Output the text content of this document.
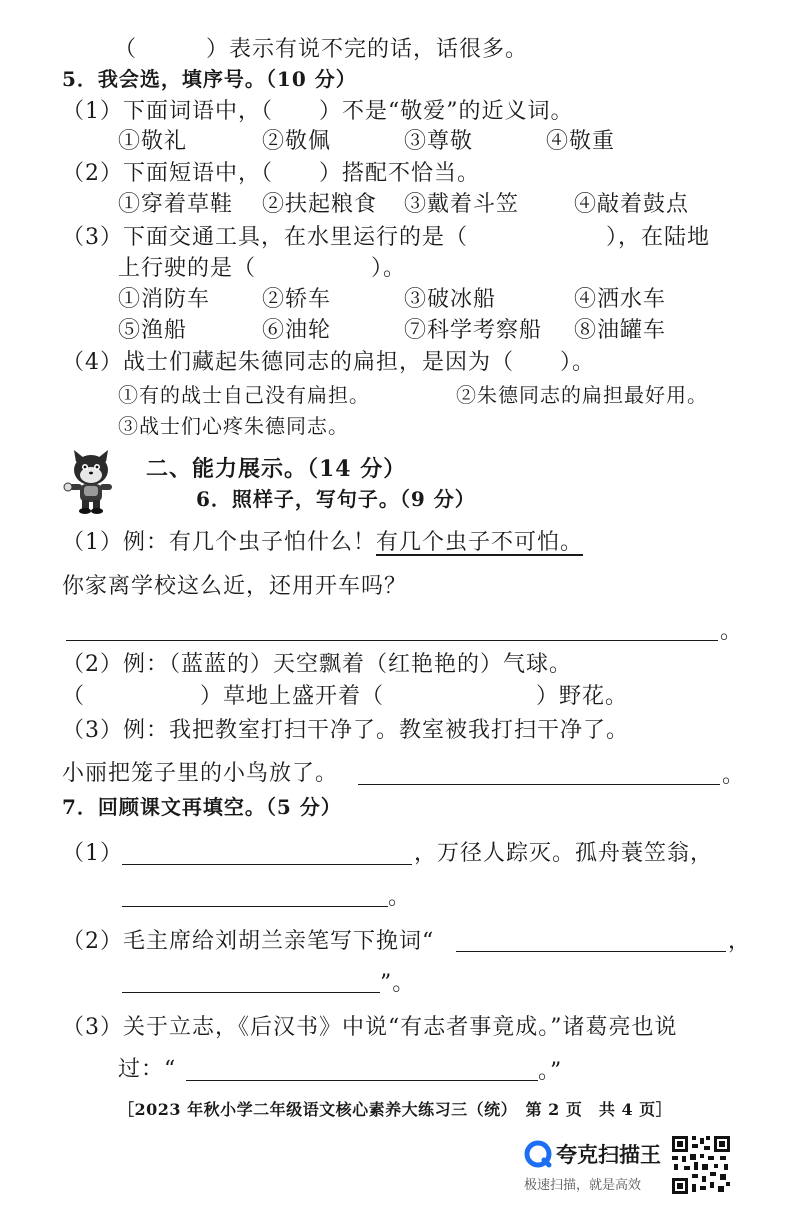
（　　　）表示有说不完的话，话很多。
5．我会选，填序号。（10 分）
（1）下面词语中，（　　）不是“敬爱”的近义词。
①敬礼	②敬佩	③尊敬	④敬重
（2）下面短语中，（　　）搭配不恰当。
①穿着草鞋 ②扶起粮食 ③戴着斗笠 ④敲着鼓点
（3）下面交通工具，在水里运行的是（　　　　　　），在陆地
上行驶的是（　　　　　）。
①消防车 ②轿车	③破冰船	④洒水车
⑤渔船	⑥油轮	⑦科学考察船 ⑧油罐车
（4）战士们藏起朱德同志的扁担，是因为（　　）。
①有的战士自己没有扁担。	②朱德同志的扁担最好用。
③战士们心疼朱德同志。
二、能力展示。（14 分）
6．照样子，写句子。（9 分）
（1）例：有几个虫子怕什么！有几个虫子不可怕。
你家离学校这么近，还用开车吗？
。
（2）例：（蓝蓝的）天空飘着（红艳艳的）气球。
（	）草地上盛开着（	）野花。
（3）例：我把教室打扫干净了。教室被我打扫干净了。
小丽把笼子里的小鸟放了。	。
7．回顾课文再填空。（5 分）
（1）	，万径人踪灭。孤舟蓑笠翁，
。
（2）毛主席给刘胡兰亲笔写下挽词“	，
”。
（3）关于立志，《后汉书》中说“有志者事竟成。”诸葛亮也说
过：“	。”
［2023 年秋小学二年级语文核心素养大练习三（统）　第 2 页　共 4 页］
夸克扫描王
极速扫描，就是高效
